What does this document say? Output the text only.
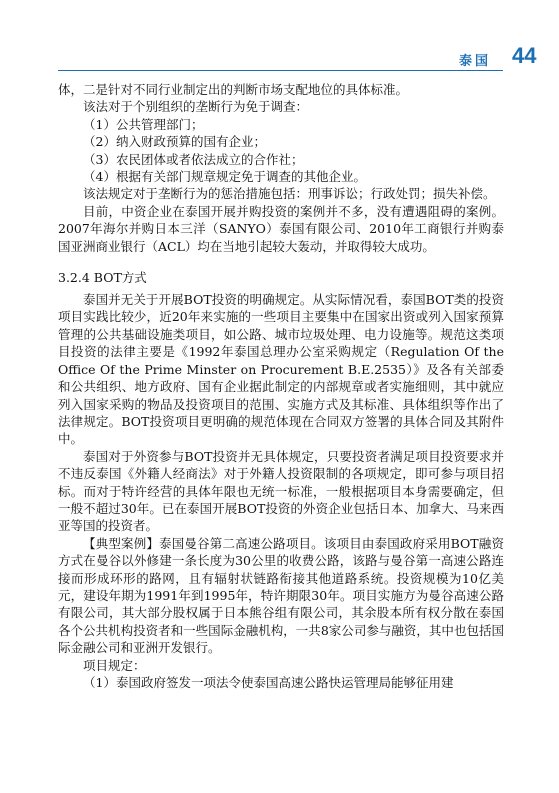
泰国 44

体，二是针对不同行业制定出的判断市场支配地位的具体标准。

该法对于个别组织的垄断行为免于调查：

（1）公共管理部门；

（2）纳入财政预算的国有企业；

（3）农民团体或者依法成立的合作社；

（4）根据有关部门规章规定免于调查的其他企业。

该法规定对于垄断行为的惩治措施包括：刑事诉讼；行政处罚；损失补偿。

目前，中资企业在泰国开展并购投资的案例并不多，没有遭遇阻碍的案例。2007年海尔并购日本三洋（SANYO）泰国有限公司、2010年工商银行并购泰国亚洲商业银行（ACL）均在当地引起较大轰动，并取得较大成功。

3.2.4 BOT方式

泰国并无关于开展BOT投资的明确规定。从实际情况看，泰国BOT类的投资项目实践比较少，近20年来实施的一些项目主要集中在国家出资或列入国家预算管理的公共基础设施类项目，如公路、城市垃圾处理、电力设施等。规范这类项目投资的法律主要是《1992年泰国总理办公室采购规定（Regulation Of the Office Of the Prime Minster on Procurement B.E.2535）》及各有关部委和公共组织、地方政府、国有企业据此制定的内部规章或者实施细则，其中就应列入国家采购的物品及投资项目的范围、实施方式及其标准、具体组织等作出了法律规定。BOT投资项目更明确的规范体现在合同双方签署的具体合同及其附件中。

泰国对于外资参与BOT投资并无具体规定，只要投资者满足项目投资要求并不违反泰国《外籍人经商法》对于外籍人投资限制的各项规定，即可参与项目招标。而对于特许经营的具体年限也无统一标准，一般根据项目本身需要确定，但一般不超过30年。已在泰国开展BOT投资的外资企业包括日本、加拿大、马来西亚等国的投资者。

【典型案例】泰国曼谷第二高速公路项目。该项目由泰国政府采用BOT融资方式在曼谷以外修建一条长度为30公里的收费公路，该路与曼谷第一高速公路连接而形成环形的路网，且有辐射状链路衔接其他道路系统。投资规模为10亿美元，建设年期为1991年到1995年，特许期限30年。项目实施方为曼谷高速公路有限公司，其大部分股权属于日本熊谷组有限公司，其余股本所有权分散在泰国各个公共机构投资者和一些国际金融机构，一共8家公司参与融资，其中也包括国际金融公司和亚洲开发银行。

项目规定：

（1）泰国政府签发一项法令使泰国高速公路快运管理局能够征用建
